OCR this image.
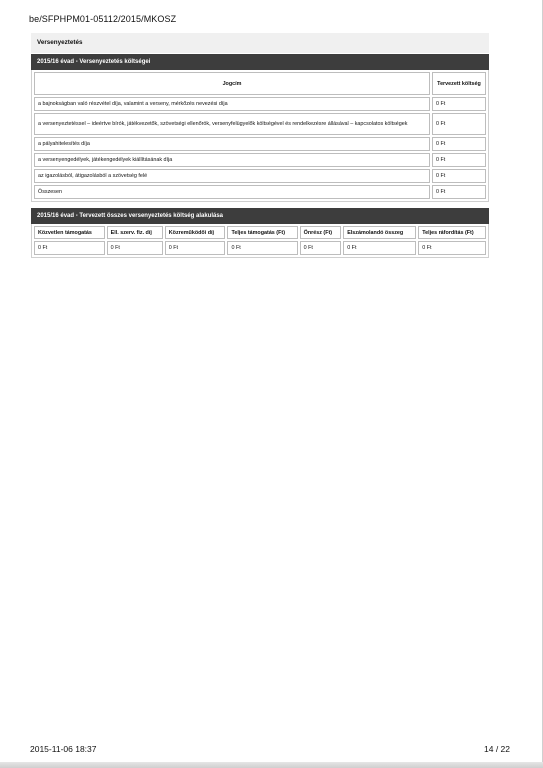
be/SFPHPM01-05112/2015/MKOSZ
Versenyeztetés
2015/16 évad - Versenyeztetés költségei
Jogcím	Tervezett költség
a bajnokságban való részvétel díja, valamint a verseny, mérkőzés nevezési díja	0 Ft
a versenyeztetéssel – ideértve bírók, játékvezetők, szövetségi ellenőrök, versenyfelügyelők költségével és rendelkezésre állásával – kapcsolatos költségek	0 Ft
a pályahitelesítés díja	0 Ft
a versenyengedélyek, játékengedélyek kiállításának díja	0 Ft
az igazolásból, átigazolásból a szövetség felé	0 Ft
Összesen	0 Ft
2015/16 évad - Tervezett összes versenyeztetés költség alakulása
Közvetlen támogatás	Ell. szerv. fiz. díj	Közreműködői díj	Teljes támogatás (Ft)	Önrész (Ft)	Elszámolandó összeg	Teljes ráfordítás (Ft)
0 Ft	0 Ft	0 Ft	0 Ft	0 Ft	0 Ft	0 Ft
2015-11-06 18:37	14 / 22
